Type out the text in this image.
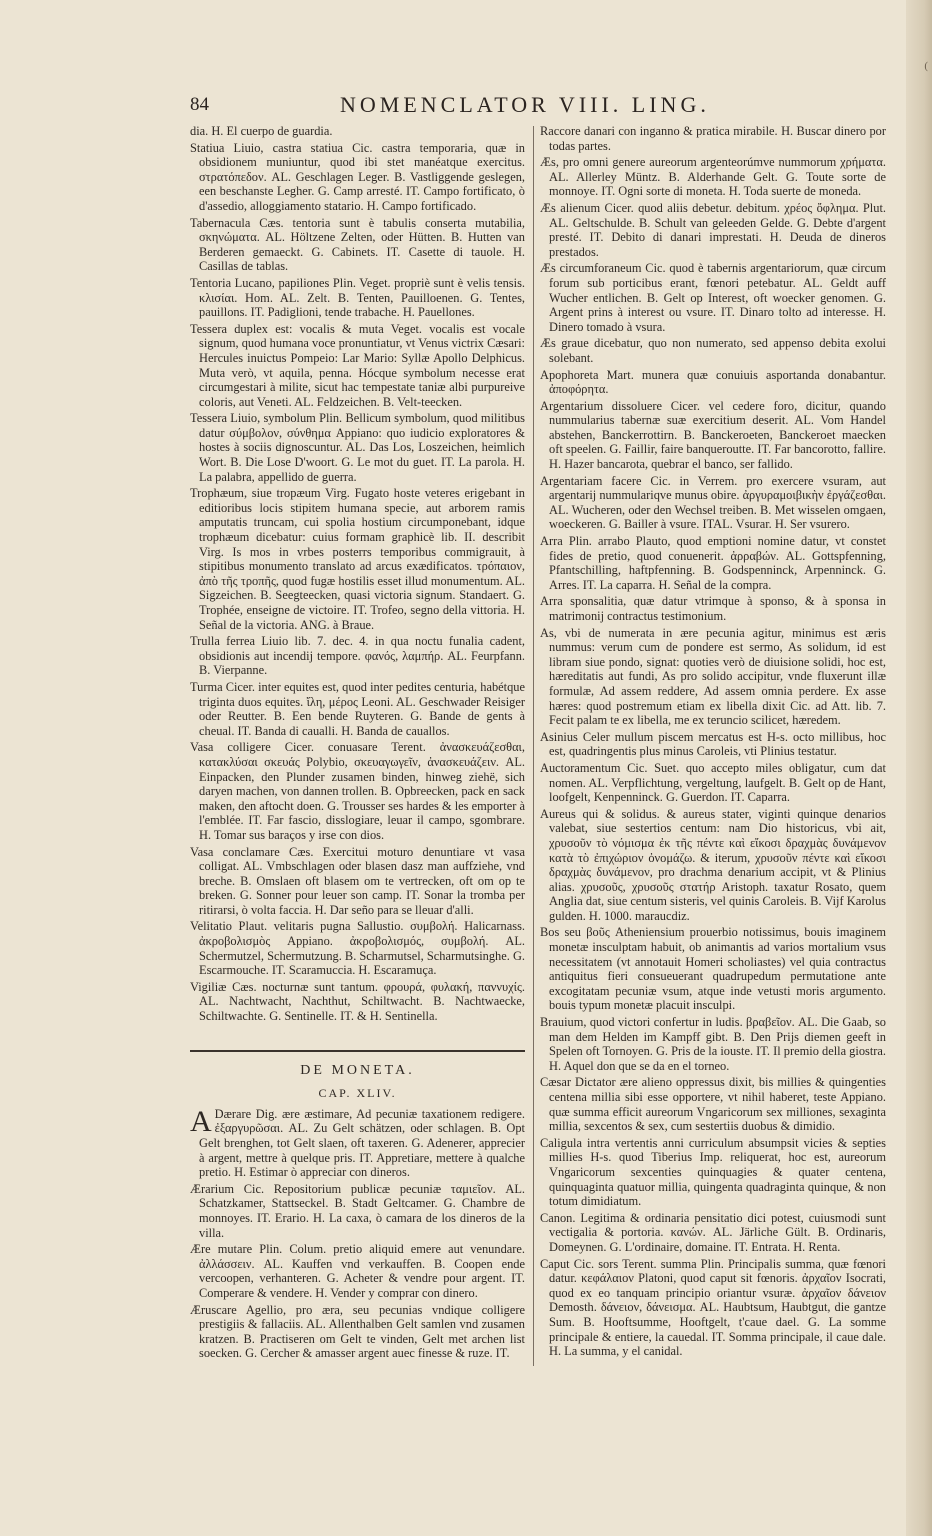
(
84	NOMENCLATOR VIII. LING.

dia. H. El cuerpo de guardia.

Statiua Liuio, castra statiua Cic. castra temporaria, quæ in obsidionem muniuntur, quod ibi stet manéatque exercitus. στρατόπεδον. AL. Geschlagen Leger. B. Vastliggende geslegen, een beschanste Legher. G. Camp arresté. IT. Campo fortificato, ò d'assedio, alloggiamento statario. H. Campo fortificado.

Tabernacula Cæs. tentoria sunt è tabulis conserta mutabilia, σκηνώματα. AL. Höltzene Zelten, oder Hütten. B. Hutten van Berderen gemaeckt. G. Cabinets. IT. Casette di tauole. H. Casillas de tablas.

Tentoria Lucano, papiliones Plin. Veget. propriè sunt è velis tensis. κλισίαι. Hom. AL. Zelt. B. Tenten, Pauilloenen. G. Tentes, pauillons. IT. Padiglioni, tende trabache. H. Pauellones.

Tessera duplex est: vocalis & muta Veget. vocalis est vocale signum, quod humana voce pronuntiatur, vt Venus victrix Cæsari: Hercules inuictus Pompeio: Lar Mario: Syllæ Apollo Delphicus. Muta verò, vt aquila, penna. Hócque symbolum necesse erat circumgestari à milite, sicut hac tempestate taniæ albi purpureive coloris, aut Veneti. AL. Feldzeichen. B. Velt-teecken.

Tessera Liuio, symbolum Plin. Bellicum symbolum, quod militibus datur σύμβολον, σύνθημα Appiano: quo iudicio exploratores & hostes à sociis dignoscuntur. AL. Das Los, Loszeichen, heimlich Wort. B. Die Lose D'woort. G. Le mot du guet. IT. La parola. H. La palabra, appellido de guerra.

Trophæum, siue tropæum Virg. Fugato hoste veteres erigebant in editioribus locis stipitem humana specie, aut arborem ramis amputatis truncam, cui spolia hostium circumponebant, idque trophæum dicebatur: cuius formam graphicè lib. II. describit Virg. Is mos in vrbes posterrs temporibus commigrauit, à stipitibus monumento translato ad arcus exædificatos. τρόπαιον, ἀπὸ τῆς τροπῆς, quod fugæ hostilis esset illud monumentum. AL. Sigzeichen. B. Seegteecken, quasi victoria signum. Standaert. G. Trophée, enseigne de victoire. IT. Trofeo, segno della vittoria. H. Señal de la victoria. ANG. à Braue.

Trulla ferrea Liuio lib. 7. dec. 4. in qua noctu funalia cadent, obsidionis aut incendij tempore. φανός, λαμπήρ. AL. Feurpfann. B. Vierpanne.

Turma Cicer. inter equites est, quod inter pedites centuria, habétque triginta duos equites. ἴλη, μέρος Leoni. AL. Geschwader Reisiger oder Reutter. B. Een bende Ruyteren. G. Bande de gents à cheual. IT. Banda di caualli. H. Banda de cauallos.

Vasa colligere Cicer. conuasare Terent. ἀνασκευάζεσθαι, κατακλύσαι σκευάς Polybio, σκευαγωγεῖν, ἀνασκευάζειν. AL. Einpacken, den Plunder zusamen binden, hinweg ziehë, sich daryen machen, von dannen trollen. B. Opbreecken, pack en sack maken, den aftocht doen. G. Trousser ses hardes & les emporter à l'emblée. IT. Far fascio, disslogiare, leuar il campo, sgombrare. H. Tomar sus baraços y irse con dios.

Vasa conclamare Cæs. Exercitui moturo denuntiare vt vasa colligat. AL. Vmbschlagen oder blasen dasz man auffziehe, vnd breche. B. Omslaen oft blasem om te vertrecken, oft om op te breken. G. Sonner pour leuer son camp. IT. Sonar la tromba per ritirarsi, ò volta faccia. H. Dar seño para se lleuar d'alli.

Velitatio Plaut. velitaris pugna Sallustio. συμβολή. Halicarnass. ἀκροβολισμὸς Appiano. ἀκροβολισμός, συμβολή. AL. Schermutzel, Schermutzung. B. Scharmutsel, Scharmutsinghe. G. Escarmouche. IT. Scaramuccia. H. Escaramuça.

Vigiliæ Cæs. nocturnæ sunt tantum. φρουρά, φυλακή, παννυχίς. AL. Nachtwacht, Nachthut, Schiltwacht. B. Nachtwaecke, Schiltwachte. G. Sentinelle. IT. & H. Sentinella.

DE MONETA.
CAP. XLIV.

A Dærare Dig. ære æstimare, Ad pecuniæ taxationem redigere. ἐξαργυρῶσαι. AL. Zu Gelt schätzen, oder schlagen. B. Opt Gelt brenghen, tot Gelt slaen, oft taxeren. G. Adenerer, apprecier à argent, mettre à quelque pris. IT. Appretiare, mettere à qualche pretio. H. Estimar ò appreciar con dineros.

Ærarium Cic. Repositorium publicæ pecuniæ ταμιεῖον. AL. Schatzkamer, Stattseckel. B. Stadt Geltcamer. G. Chambre de monnoyes. IT. Erario. H. La caxa, ò camara de los dineros de la villa.

Ære mutare Plin. Colum. pretio aliquid emere aut venundare. ἀλλάσσειν. AL. Kauffen vnd verkauffen. B. Coopen ende vercoopen, verhanteren. G. Acheter & vendre pour argent. IT. Comperare & vendere. H. Vender y comprar con dinero.

Æruscare Agellio, pro æra, seu pecunias vndique colligere prestigiis & fallaciis. AL. Allenthalben Gelt samlen vnd zusamen kratzen. B. Practiseren om Gelt te vinden, Gelt met archen list soecken. G. Cercher & amasser argent auec finesse & ruze. IT.

Raccore danari con inganno & pratica mirabile. H. Buscar dinero por todas partes.

Æs, pro omni genere aureorum argenteorúmve nummorum χρήματα. AL. Allerley Müntz. B. Alderhande Gelt. G. Toute sorte de monnoye. IT. Ogni sorte di moneta. H. Toda suerte de moneda.

Æs alienum Cicer. quod aliis debetur. debitum. χρέος ὄφλημα. Plut. AL. Geltschulde. B. Schult van geleeden Gelde. G. Debte d'argent presté. IT. Debito di danari imprestati. H. Deuda de dineros prestados.

Æs circumforaneum Cic. quod è tabernis argentariorum, quæ circum forum sub porticibus erant, fœnori petebatur. AL. Geldt auff Wucher entlichen. B. Gelt op Interest, oft woecker genomen. G. Argent prins à interest ou vsure. IT. Dinaro tolto ad interesse. H. Dinero tomado à vsura.

Æs graue dicebatur, quo non numerato, sed appenso debita exolui solebant.

Apophoreta Mart. munera quæ conuiuis asportanda donabantur. ἀποφόρητα.

Argentarium dissoluere Cicer. vel cedere foro, dicitur, quando nummularius tabernæ suæ exercitium deserit. AL. Vom Handel abstehen, Banckerrottirn. B. Banckeroeten, Banckeroet maecken oft speelen. G. Faillir, faire banqueroutte. IT. Far bancorotto, fallire. H. Hazer bancarota, quebrar el banco, ser fallido.

Argentariam facere Cic. in Verrem. pro exercere vsuram, aut argentarij nummulariqve munus obire. ἀργυραμοιβικὴν ἐργάζεσθαι. AL. Wucheren, oder den Wechsel treiben. B. Met wisselen omgaen, woeckeren. G. Bailler à vsure. ITAL. Vsurar. H. Ser vsurero.

Arra Plin. arrabo Plauto, quod emptioni nomine datur, vt constet fides de pretio, quod conuenerit. ἀρραβών. AL. Gottspfenning, Pfantschilling, haftpfenning. B. Godspenninck, Arpenninck. G. Arres. IT. La caparra. H. Señal de la compra.

Arra sponsalitia, quæ datur vtrimque à sponso, & à sponsa in matrimonij contractus testimonium.

As, vbi de numerata in ære pecunia agitur, minimus est æris nummus: verum cum de pondere est sermo, As solidum, id est libram siue pondo, signat: quoties verò de diuisione solidi, hoc est, hæreditatis aut fundi, As pro solido accipitur, vnde fluxerunt illæ formulæ, Ad assem reddere, Ad assem omnia perdere. Ex asse hæres: quod postremum etiam ex libella dixit Cic. ad Att. lib. 7. Fecit palam te ex libella, me ex teruncio scilicet, hæredem.

Asinius Celer mullum piscem mercatus est H-s. octo millibus, hoc est, quadringentis plus minus Caroleis, vti Plinius testatur.

Auctoramentum Cic. Suet. quo accepto miles obligatur, cum dat nomen. AL. Verpflichtung, vergeltung, laufgelt. B. Gelt op de Hant, loofgelt, Kenpenninck. G. Guerdon. IT. Caparra.

Aureus qui & solidus. & aureus stater, viginti quinque denarios valebat, siue sestertios centum: nam Dio historicus, vbi ait, χρυσοῦν τὸ νόμισμα ἐκ τῆς πέντε καὶ εἴκοσι δραχμὰς δυνάμενον κατὰ τὸ ἐπιχώριον ὀνομάζω. & iterum, χρυσοῦν πέντε καὶ εἴκοσι δραχμὰς δυνάμενον, pro drachma denarium accipit, vt & Plinius alias. χρυσοῦς, χρυσοῦς στατήρ Aristoph. taxatur Rosato, quem Anglia dat, siue centum sisteris, vel quinis Caroleis. B. Vijf Karolus gulden. H. 1000. maraucdiz.

Bos seu βοῦς Atheniensium prouerbio notissimus, bouis imaginem monetæ insculptam habuit, ob animantis ad varios mortalium vsus necessitatem (vt annotauit Homeri scholiastes) vel quia contractus antiquitus fieri consueuerant quadrupedum permutatione ante excogitatam pecuniæ vsum, atque inde vetusti moris argumento. bouis typum monetæ placuit insculpi.

Brauium, quod victori confertur in ludis. βραβεῖον. AL. Die Gaab, so man dem Helden im Kampff gibt. B. Den Prijs diemen geeft in Spelen oft Tornoyen. G. Pris de la iouste. IT. Il premio della giostra. H. Aquel don que se da en el torneo.

Cæsar Dictator ære alieno oppressus dixit, bis millies & quingenties centena millia sibi esse opportere, vt nihil haberet, teste Appiano. quæ summa efficit aureorum Vngaricorum sex milliones, sexaginta millia, sexcentos & sex, cum sestertiis duobus & dimidio.

Caligula intra vertentis anni curriculum absumpsit vicies & septies millies H-s. quod Tiberius Imp. reliquerat, hoc est, aureorum Vngaricorum sexcenties quinquagies & quater centena, quinquaginta quatuor millia, quingenta quadraginta quinque, & non totum dimidiatum.

Canon. Legitima & ordinaria pensitatio dici potest, cuiusmodi sunt vectigalia & portoria. κανών. AL. Järliche Gült. B. Ordinaris, Domeynen. G. L'ordinaire, domaine. IT. Entrata. H. Renta.

Caput Cic. sors Terent. summa Plin. Principalis summa, quæ fœnori datur. κεφάλαιον Platoni, quod caput sit fœnoris. ἀρχαῖον Isocrati, quod ex eo tanquam principio oriantur vsuræ. ἀρχαῖον δάνειον Demosth. δάνειον, δάνεισμα. AL. Haubtsum, Haubtgut, die gantze Sum. B. Hooftsumme, Hooftgelt, t'caue dael. G. La somme principale & entiere, la cauedal. IT. Somma principale, il caue dale. H. La summa, y el canidal.
